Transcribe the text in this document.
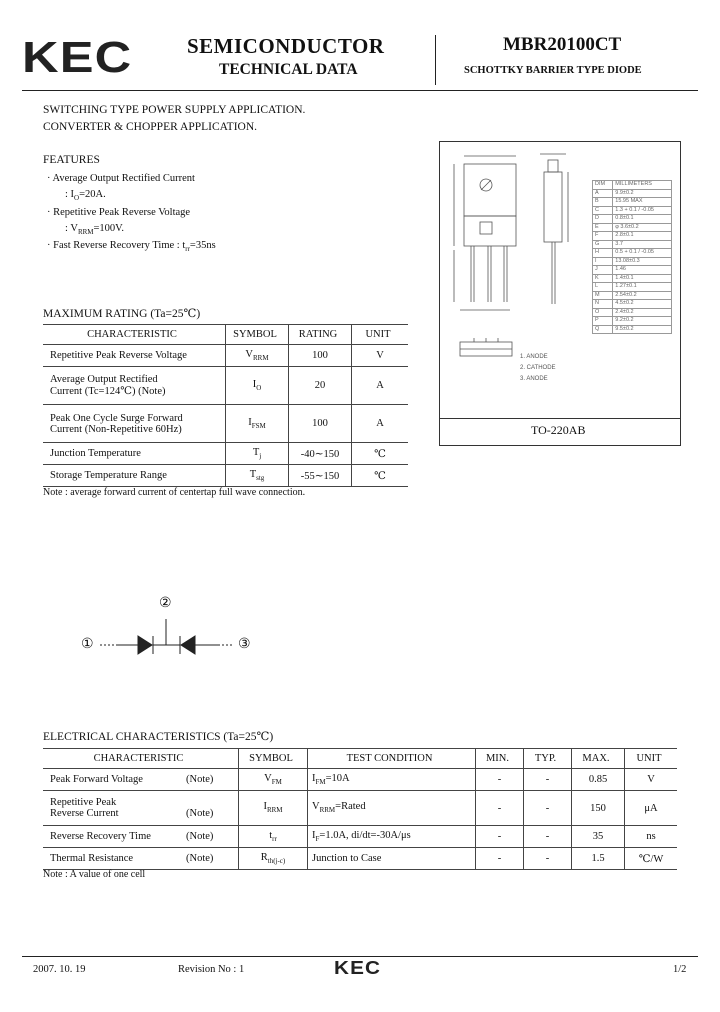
KEC	SEMICONDUCTOR
TECHNICAL DATA
MBR20100CT
SCHOTTKY BARRIER TYPE DIODE
SWITCHING TYPE POWER SUPPLY APPLICATION.
CONVERTER & CHOPPER APPLICATION.
FEATURES
· Average Output Rectified Current
: $I_O=20A$.
· Repetitive Peak Reverse Voltage
: $V_{RRM}=100V$.
· Fast Reverse Recovery Time : $t_{rr}=35ns$
MAXIMUM RATING (Ta=25℃)
CHARACTERISTIC	SYMBOL	RATING	UNIT
Repetitive Peak Reverse Voltage	$V_{RRM}$	100	V

Average Output Rectified
Current (Tc=124℃) (Note)	$I_O$	20	A

Peak One Cycle Surge Forward
Current (Non-Repetitive 60Hz)	$I_{FSM}$	100	A
Junction Temperature	$T_j$	-40∼150	℃
Storage Temperature Range	$T_{stg}$	-55∼150	℃
Note : average forward current of centertap full wave connection.
DIM	MILLIMETERS
A	9.9±0.2
B	15.95 MAX
C	1.3 + 0.1 / -0.05
D	0.8±0.1
E	φ 3.6±0.2
F	2.8±0.1
G	3.7
H	0.5 + 0.1 / -0.05
I	13.08±0.3
J	1.46
K	1.4±0.1
L	1.27±0.1
M	2.54±0.2
N	4.5±0.2
O	2.4±0.2
P	9.2±0.2
Q	9.5±0.2
1. ANODE
2. CATHODE
3. ANODE
TO-220AB
②
①	③
ELECTRICAL CHARACTERISTICS (Ta=25℃)
CHARACTERISTIC	SYMBOL	TEST CONDITION	MIN.	TYP.	MAX.	UNIT
Peak Forward Voltage (Note)	$V_{FM}$	$I_{FM}=10A$	-	-	0.85	V

Repetitive Peak
Reverse Current (Note)	$I_{RRM}$	$V_{RRM}=Rated$	-	-	150	μA
Reverse Recovery Time (Note)	$t_{rr}$	$I_F=1.0A$, di/dt=-30A/μs	-	-	35	ns
Thermal Resistance (Note)	$R_{th(j-c)}$	Junction to Case	-	-	1.5	℃/W
Note : A value of one cell
2007. 10. 19	Revision No : 1	KEC	1/2
